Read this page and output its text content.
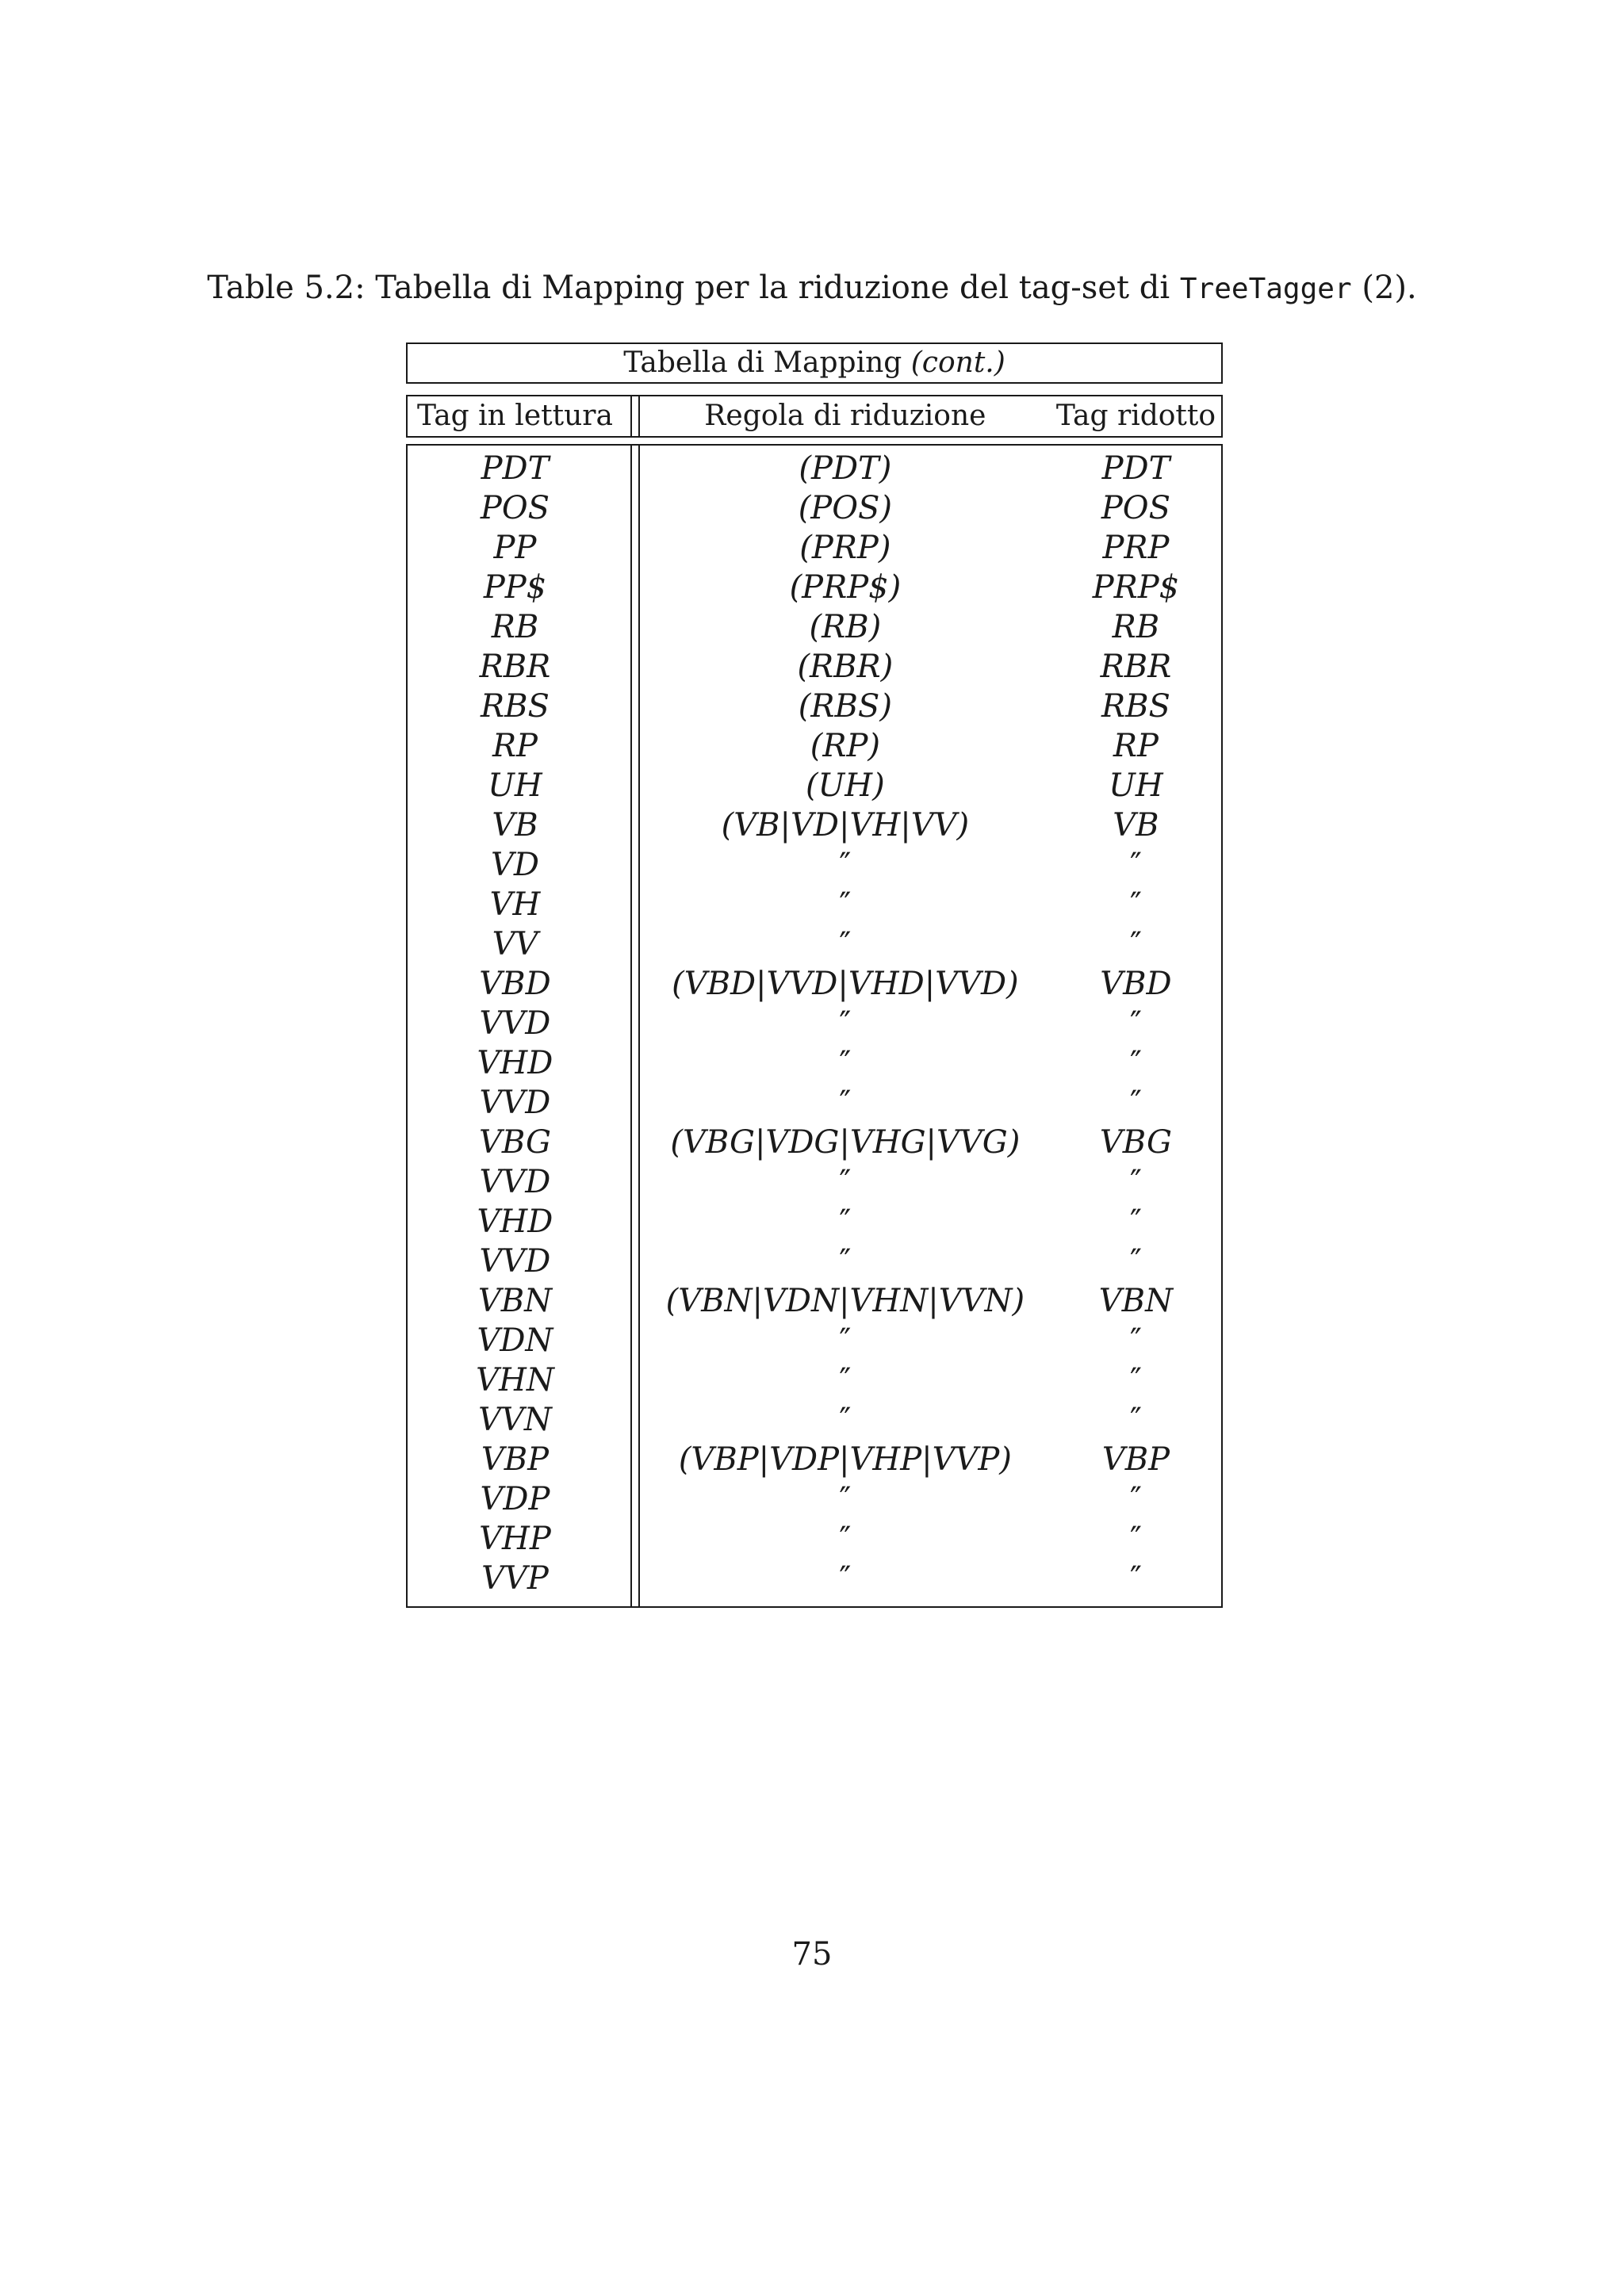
Table 5.2: Tabella di Mapping per la riduzione del tag-set di TreeTagger (2).
Tabella di Mapping (cont.)
Tag in lettura	Regola di riduzione	Tag ridotto
PDT
POS
PP
PP$
RB
RBR
RBS
RP
UH
VB
VD
VH
VV
VBD
VVD
VHD
VVD
VBG
VVD
VHD
VVD
VBN
VDN
VHN
VVN
VBP
VDP
VHP
VVP
(PDT)
(POS)
(PRP)
(PRP$)
(RB)
(RBR)
(RBS)
(RP)
(UH)
(VB|VD|VH|VV)
″
″
″
(VBD|VVD|VHD|VVD)
″
″
″
(VBG|VDG|VHG|VVG)
″
″
″
(VBN|VDN|VHN|VVN)
″
″
″
(VBP|VDP|VHP|VVP)
″
″
″
PDT
POS
PRP
PRP$
RB
RBR
RBS
RP
UH
VB
″
″
″
VBD
″
″
″
VBG
″
″
″
VBN
″
″
″
VBP
″
″
″
75
